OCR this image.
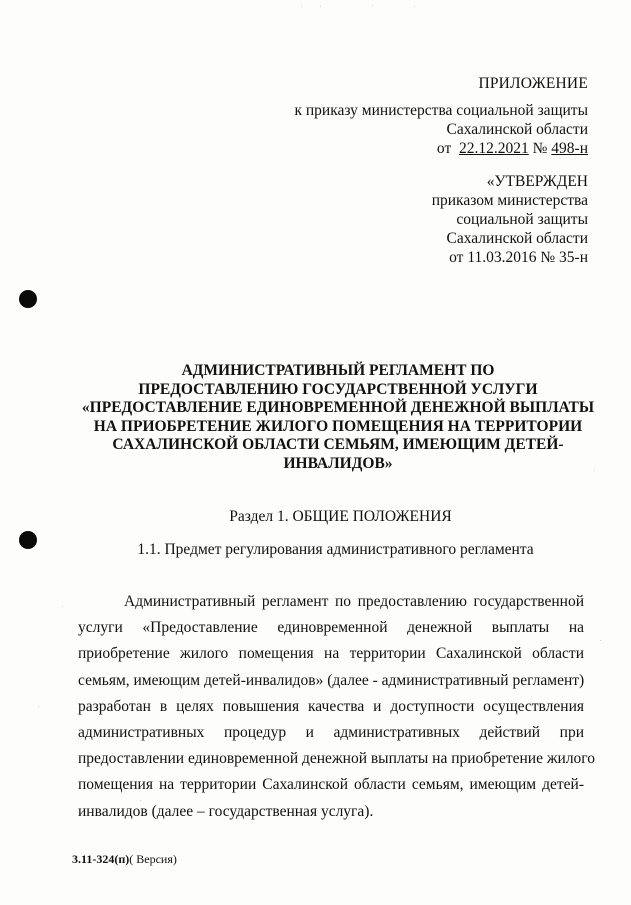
ПРИЛОЖЕНИЕ
к приказу министерства социальной защиты
Сахалинской области
от 22.12.2021 № 498-н
«УТВЕРЖДЕН
приказом министерства
социальной защиты
Сахалинской области
от 11.03.2016 № 35-н
АДМИНИСТРАТИВНЫЙ РЕГЛАМЕНТ ПО
ПРЕДОСТАВЛЕНИЮ ГОСУДАРСТВЕННОЙ УСЛУГИ
«ПРЕДОСТАВЛЕНИЕ ЕДИНОВРЕМЕННОЙ ДЕНЕЖНОЙ ВЫПЛАТЫ
НА ПРИОБРЕТЕНИЕ ЖИЛОГО ПОМЕЩЕНИЯ НА ТЕРРИТОРИИ
САХАЛИНСКОЙ ОБЛАСТИ СЕМЬЯМ, ИМЕЮЩИМ ДЕТЕЙ-
ИНВАЛИДОВ»
Раздел 1. ОБЩИЕ ПОЛОЖЕНИЯ
1.1. Предмет регулирования административного регламента
Административный регламент по предоставлению государственной
услуги «Предоставление единовременной денежной выплаты на
приобретение жилого помещения на территории Сахалинской области
семьям, имеющим детей-инвалидов» (далее - административный регламент)
разработан в целях повышения качества и доступности осуществления
административных процедур и административных действий при
предоставлении единовременной денежной выплаты на приобретение жилого
помещения на территории Сахалинской области семьям, имеющим детей-
инвалидов (далее – государственная услуга).
3.11-324(п)( Версия)
